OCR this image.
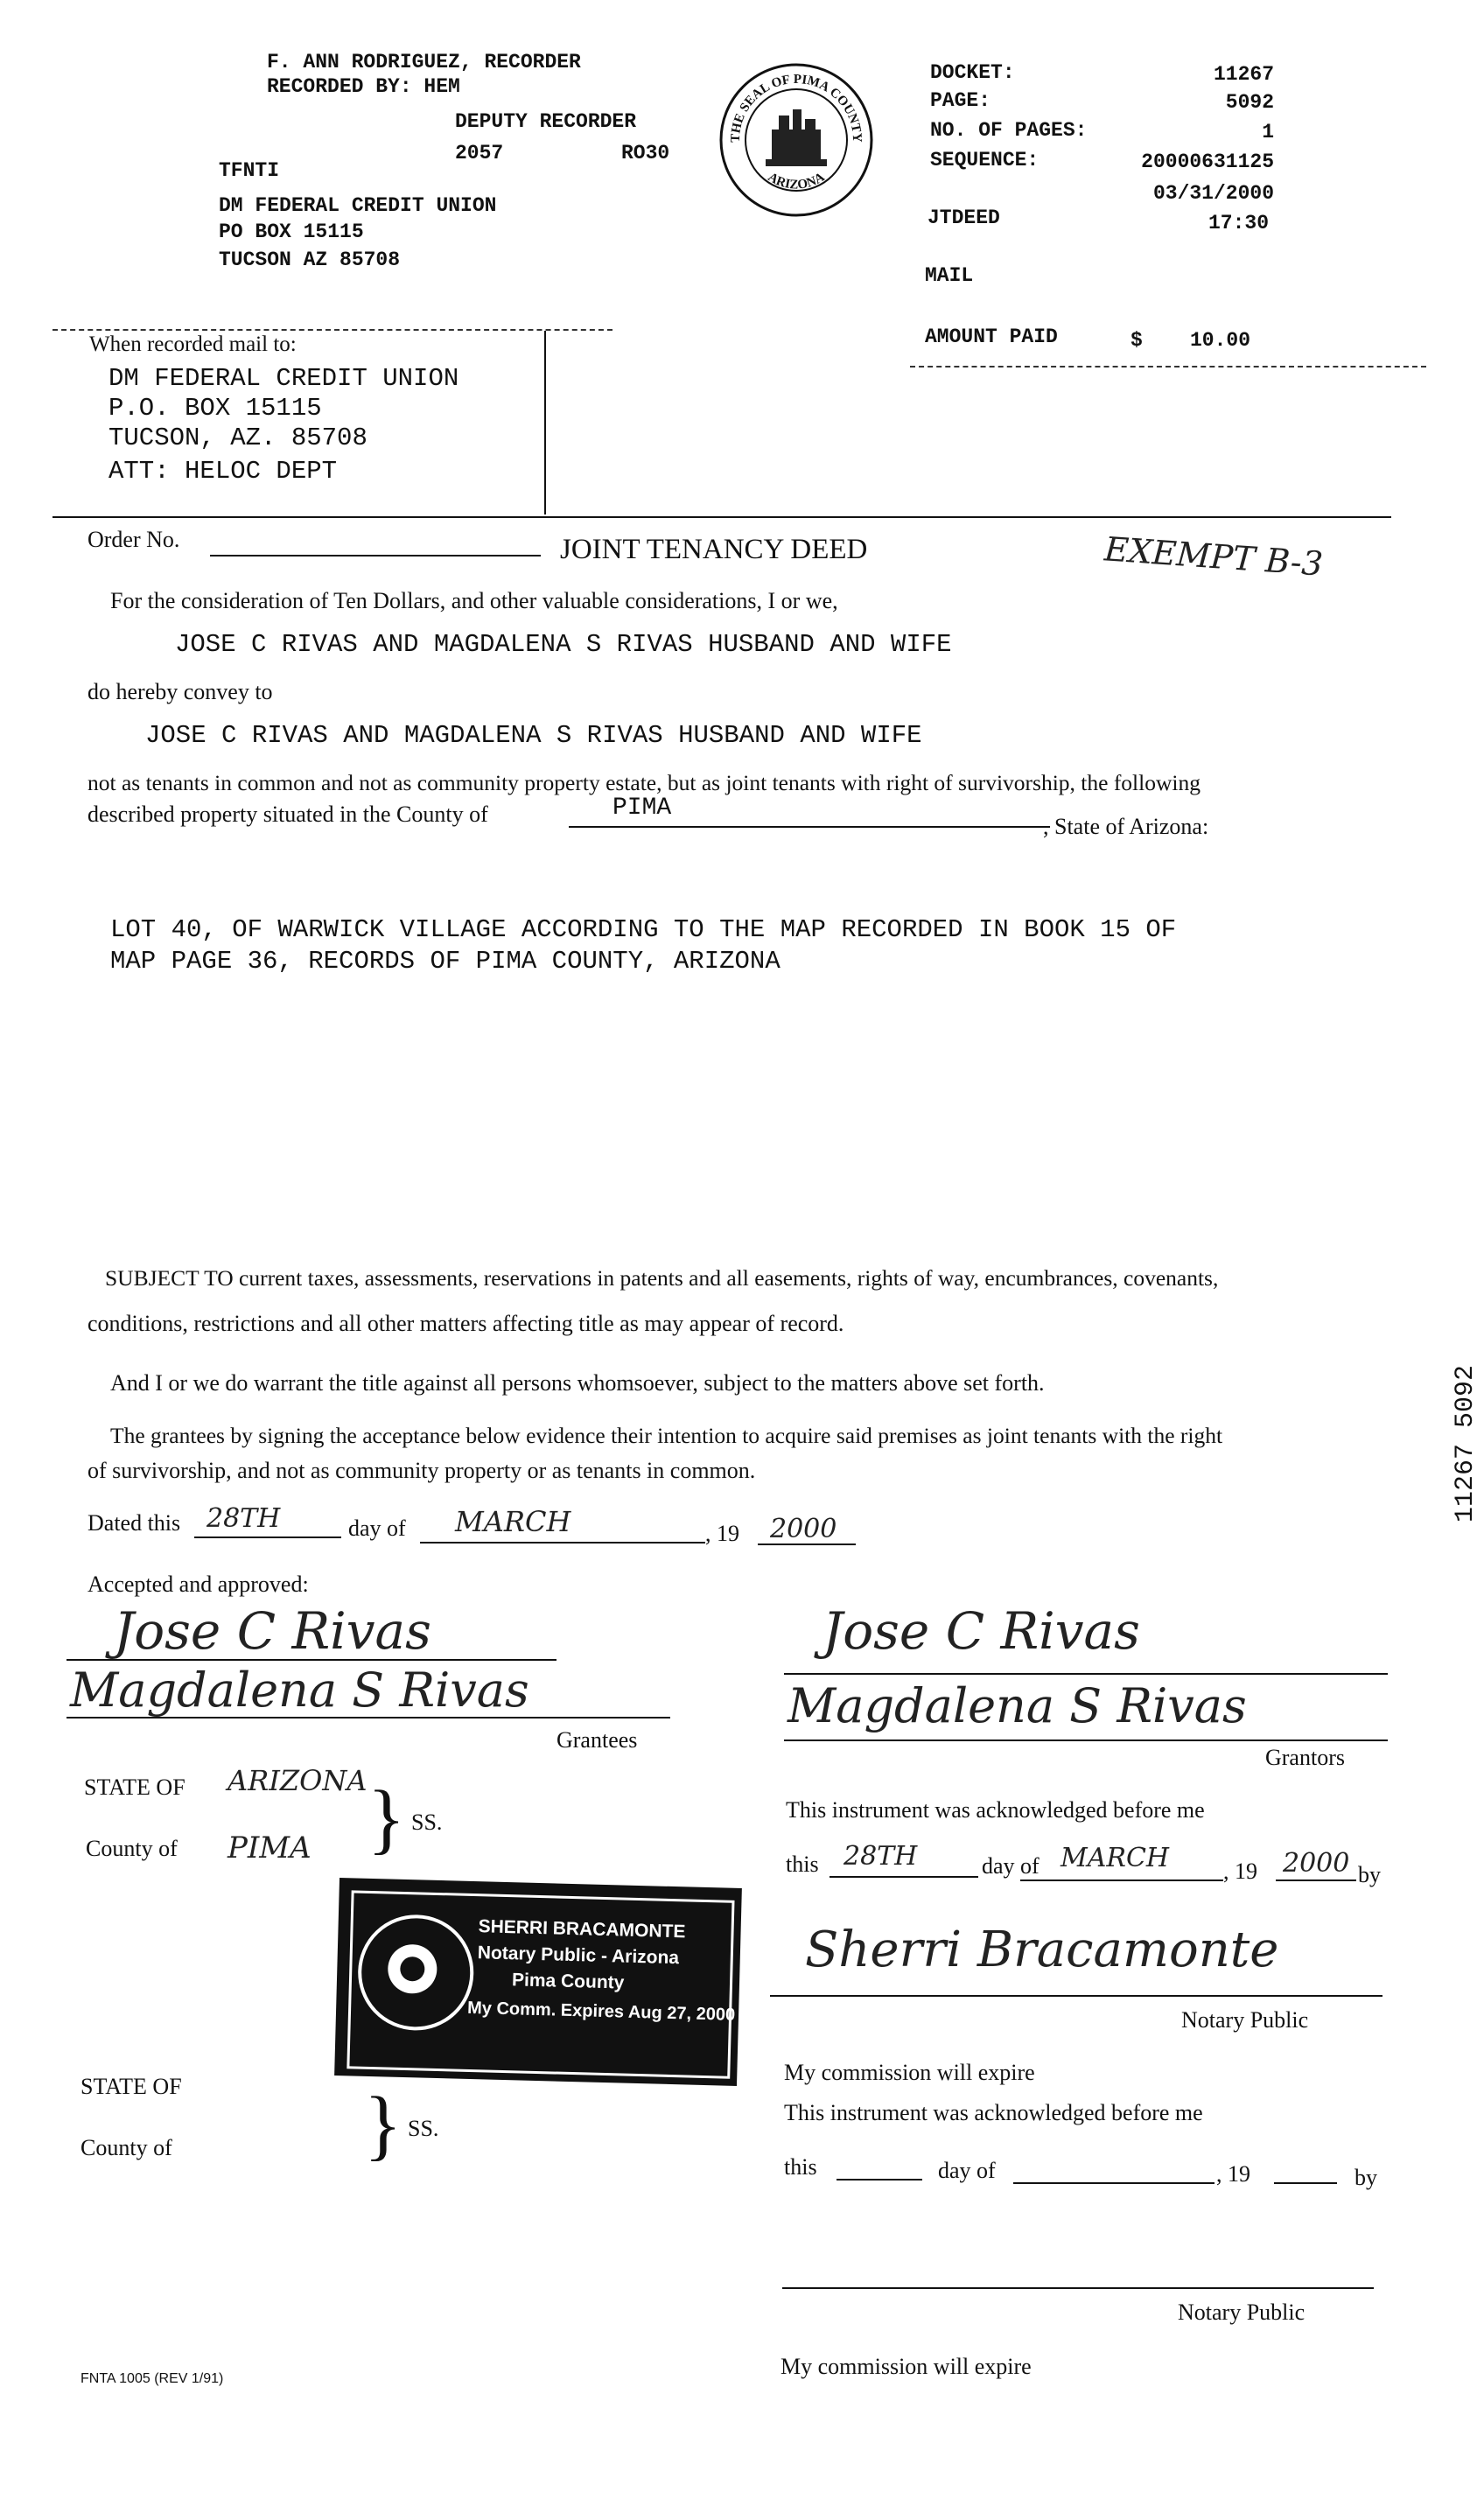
F. ANN RODRIGUEZ, RECORDER
RECORDED BY: HEM
DEPUTY RECORDER
2057	RO30
TFNTI
DM FEDERAL CREDIT UNION
PO BOX 15115
TUCSON AZ 85708
THE SEAL OF PIMA COUNTY
ARIZONA
DOCKET:	11267
PAGE:	5092
NO. OF PAGES:	1
SEQUENCE:	20000631125
03/31/2000
JTDEED	17:30
MAIL
AMOUNT PAID	$ 10.00
When recorded mail to:
DM FEDERAL CREDIT UNION
P.O. BOX 15115
TUCSON, AZ. 85708
ATT: HELOC DEPT
Order No.	JOINT TENANCY DEED	EXEMPT B-3
For the consideration of Ten Dollars, and other valuable considerations, I or we,
JOSE C RIVAS AND MAGDALENA S RIVAS HUSBAND AND WIFE
do hereby convey to
JOSE C RIVAS AND MAGDALENA S RIVAS HUSBAND AND WIFE
not as tenants in common and not as community property estate, but as joint tenants with right of survivorship, the following
described property situated in the County of	PIMA
, State of Arizona:
LOT 40, OF WARWICK VILLAGE ACCORDING TO THE MAP RECORDED IN BOOK 15 OF
MAP PAGE 36, RECORDS OF PIMA COUNTY, ARIZONA
SUBJECT TO current taxes, assessments, reservations in patents and all easements, rights of way, encumbrances, covenants,
conditions, restrictions and all other matters affecting title as may appear of record.
And I or we do warrant the title against all persons whomsoever, subject to the matters above set forth.
The grantees by signing the acceptance below evidence their intention to acquire said premises as joint tenants with the right
of survivorship, and not as community property or as tenants in common.
Dated this 28TH	day of MARCH	, 19 2000
Accepted and approved:
Jose C Rivas
Magdalena S Rivas
Grantees
Jose C Rivas
Magdalena S Rivas
Grantors
STATE OF ARIZONA
County of PIMA } SS.	This instrument was acknowledged before me
this 28TH	day of MARCH , 19 2000 by
Sherri Bracamonte
Notary Public
My commission will expire
SHERRI BRACAMONTE
Notary Public - Arizona
Pima County
My Comm. Expires Aug 27, 2000
STATE OF
County of } SS.
This instrument was acknowledged before me
this	day of	, 19	by
Notary Public
My commission will expire
FNTA 1005 (REV 1/91)
11267 5092
